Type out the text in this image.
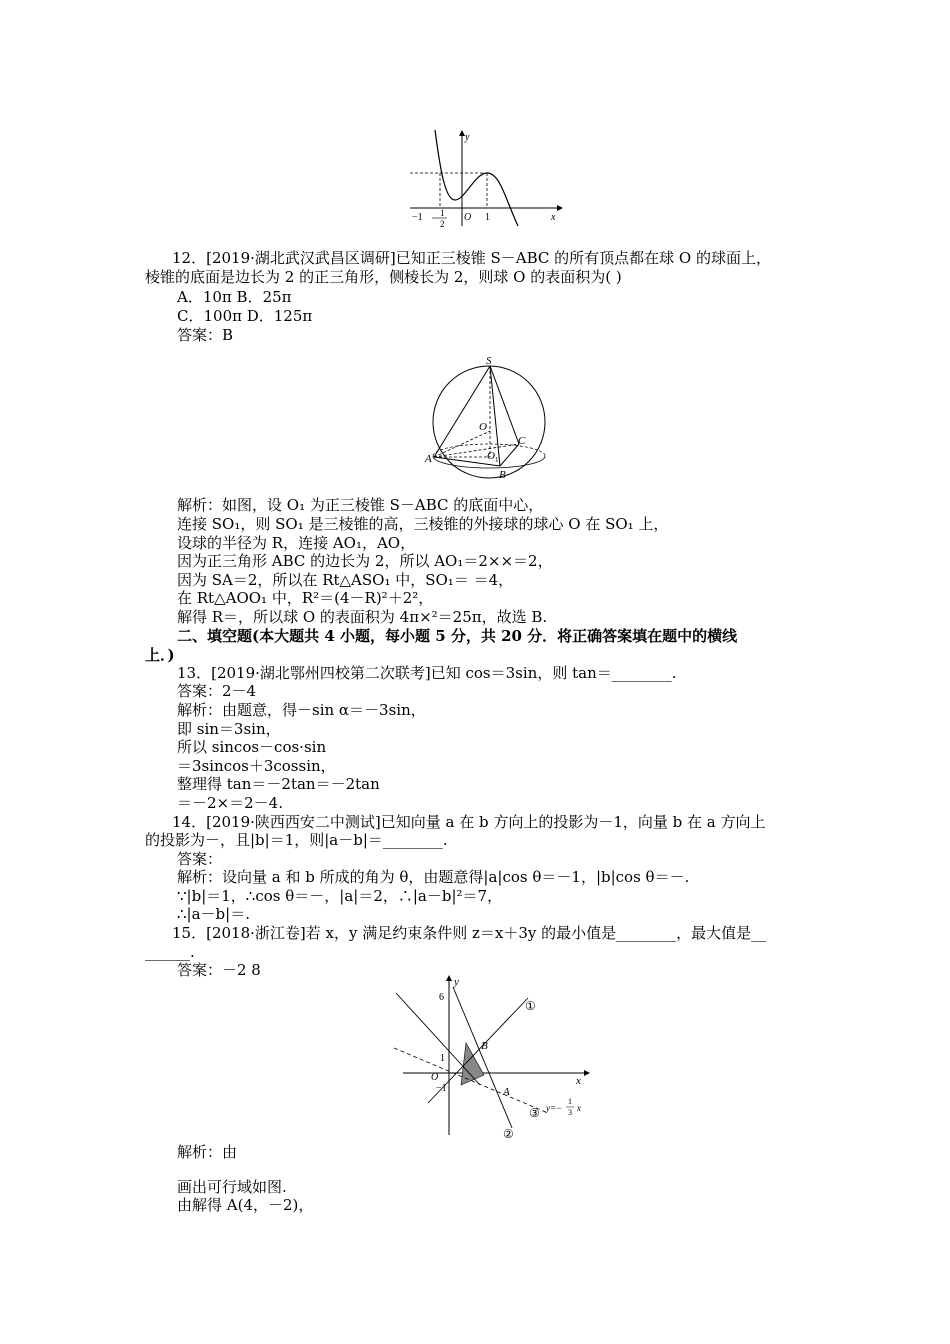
y
x
O
−1 1
2
1
12．[2019·湖北武汉武昌区调研]已知正三棱锥 S－ABC 的所有顶点都在球 O 的球面上，
棱锥的底面是边长为 2 的正三角形，侧棱长为 2，则球 O 的表面积为( )
A．10π B．25π
C．100π D．125π
答案：B
S
O
C
A	O 1
B
解析：如图，设 O₁ 为正三棱锥 S－ABC 的底面中心，
连接 SO₁，则 SO₁ 是三棱锥的高，三棱锥的外接球的球心 O 在 SO₁ 上，
设球的半径为 R，连接 AO₁，AO，
因为正三角形 ABC 的边长为 2，所以 AO₁＝2××＝2，
因为 SA＝2，所以在 Rt△ASO₁ 中，SO₁＝ ＝4，
在 Rt△AOO₁ 中，R²＝(4－R)²＋2²，
解得 R＝，所以球 O 的表面积为 4π×²＝25π，故选 B.
二、填空题(本大题共 4 小题，每小题 5 分，共 20 分．将正确答案填在题中的横线
上．)
13．[2019·湖北鄂州四校第二次联考]已知 cos＝3sin，则 tan＝________.
答案：2－4
解析：由题意，得－sin α＝－3sin，
即 sin＝3sin，
所以 sincos－cos·sin
＝3sincos＋3cossin，
整理得 tan＝－2tan＝－2tan
＝－2×＝2－4.
14．[2019·陕西西安二中测试]已知向量 a 在 b 方向上的投影为－1，向量 b 在 a 方向上
的投影为－，且|b|＝1，则|a－b|＝________.
答案：
解析：设向量 a 和 b 所成的角为 θ，由题意得|a|cos θ＝－1，|b|cos θ＝－.
∵|b|＝1，∴cos θ＝－，|a|＝2，∴|a－b|²＝7，
∴|a－b|＝.
15．[2018·浙江卷]若 x，y 满足约束条件则 z＝x＋3y 的最小值是________，最大值是__
______.
答案：－2 8
y
x
6
1
O
−1
B
A
①
②
③ y=−
1
3 x
解析：由
画出可行域如图.
由解得 A(4，－2)，
